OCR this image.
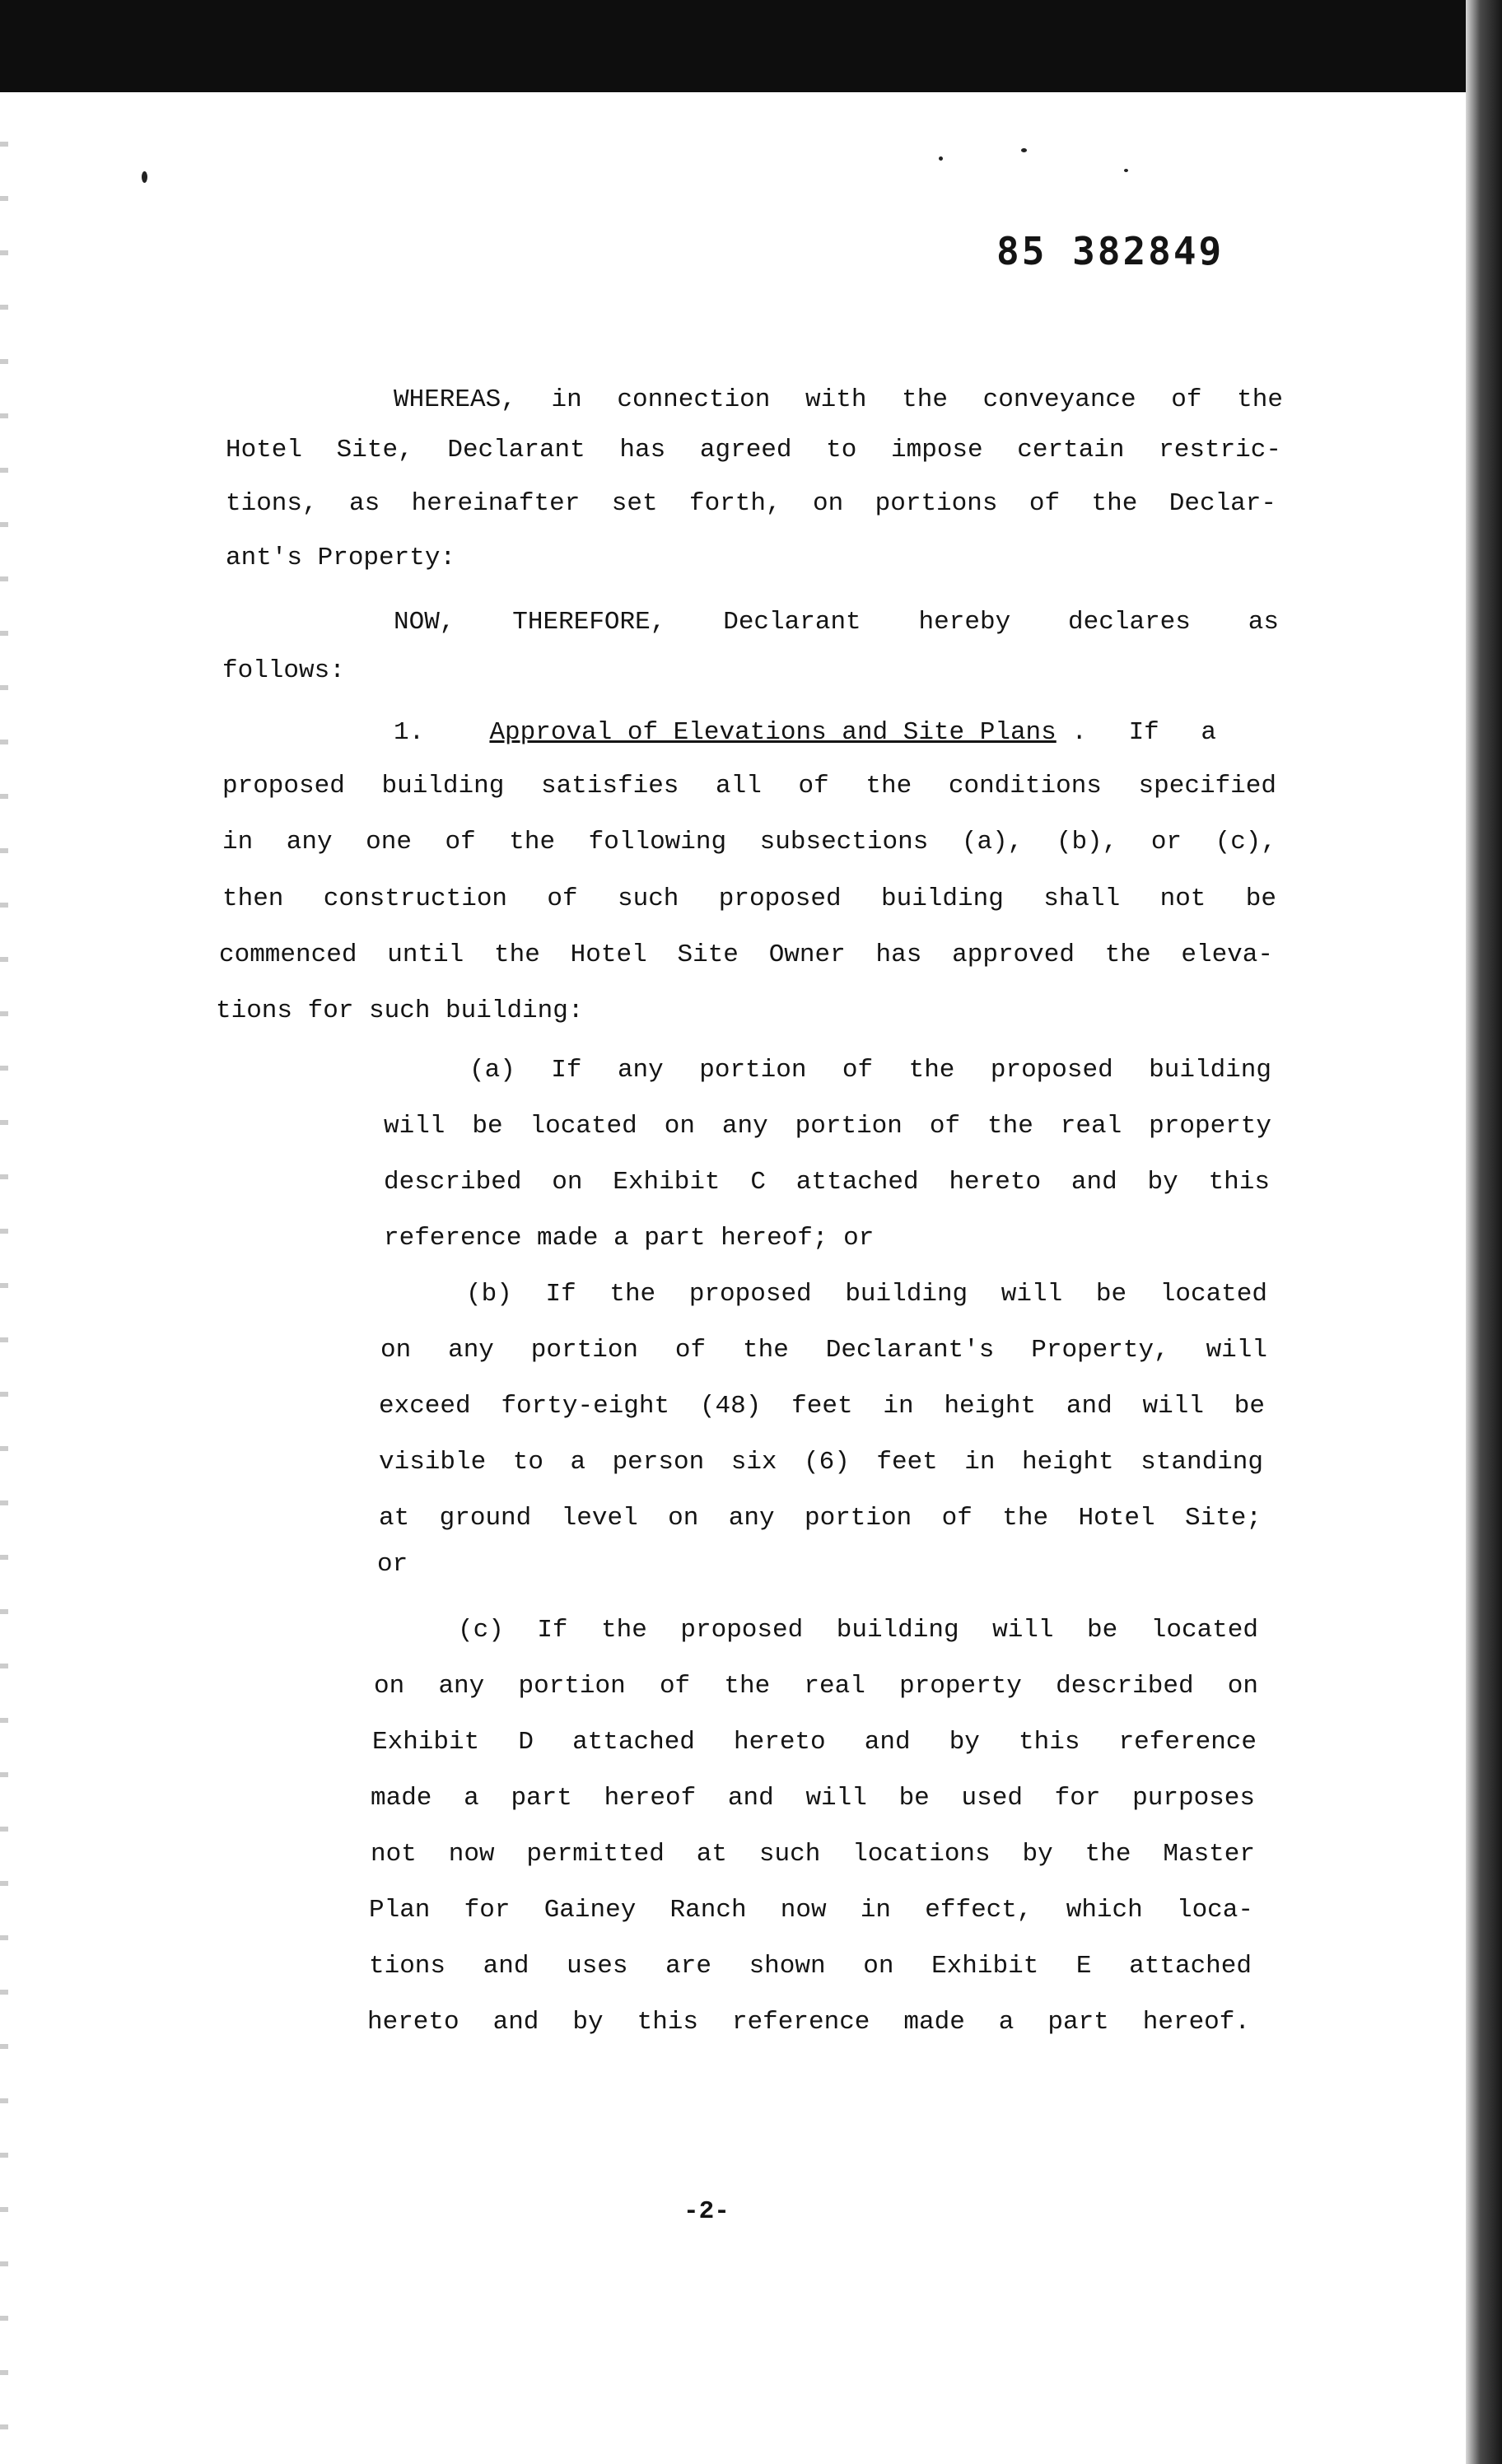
85 382849
WHEREAS, in connection with the conveyance of the
Hotel Site, Declarant has agreed to impose certain restric-
tions, as hereinafter set forth, on portions of the Declar-
ant's Property:
NOW, THEREFORE, Declarant hereby declares as
follows:
1.	Approval of Elevations and Site Plans . If a
proposed building satisfies all of the conditions specified
in any one of the following subsections (a), (b), or (c),
then construction of such proposed building shall not be
commenced until the Hotel Site Owner has approved the eleva-
tions for such building:
(a) If any portion of the proposed building
will be located on any portion of the real property
described on Exhibit C attached hereto and by this
reference made a part hereof; or
(b) If the proposed building will be located
on any portion of the Declarant's Property, will
exceed forty-eight (48) feet in height and will be
visible to a person six (6) feet in height standing
at ground level on any portion of the Hotel Site;
or
(c) If the proposed building will be located
on any portion of the real property described on
Exhibit D attached hereto and by this reference
made a part hereof and will be used for purposes
not now permitted at such locations by the Master
Plan for Gainey Ranch now in effect, which loca-
tions and uses are shown on Exhibit E attached
hereto and by this reference made a part hereof.
-2-
